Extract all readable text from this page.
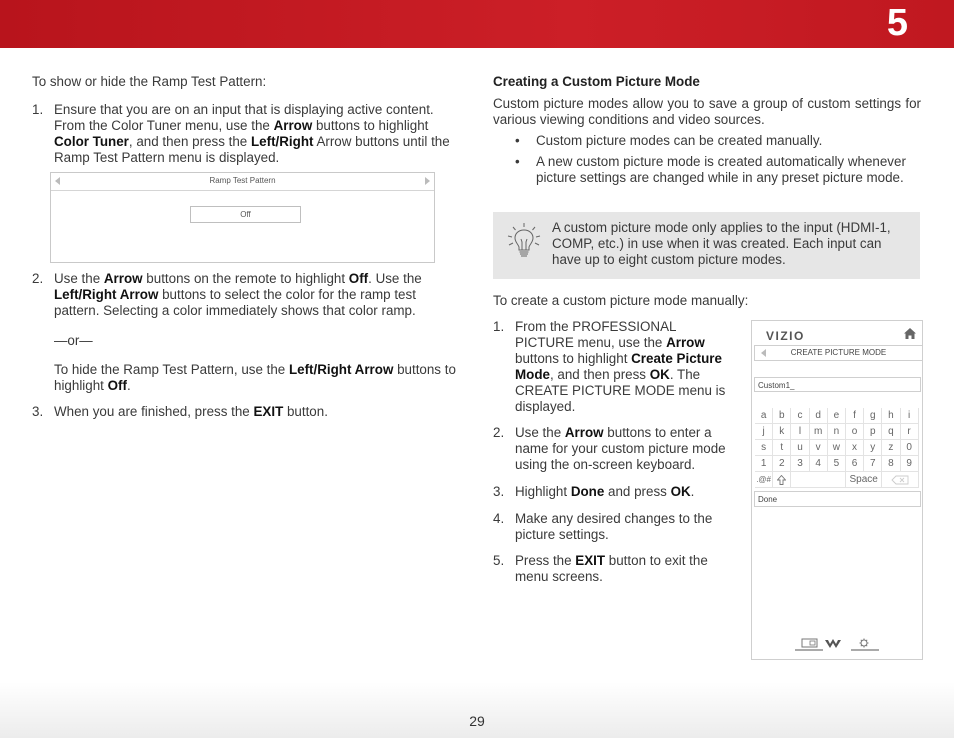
5

To show or hide the Ramp Test Pattern:

1. Ensure that you are on an input that is displaying active content. From the Color Tuner menu, use the Arrow buttons to highlight Color Tuner, and then press the Left/Right Arrow buttons until the Ramp Test Pattern menu is displayed.
Ramp Test Pattern
Off
2. Use the Arrow buttons on the remote to highlight Off. Use the Left/Right Arrow buttons to select the color for the ramp test pattern. Selecting a color immediately shows that color ramp.

—or—

To hide the Ramp Test Pattern, use the Left/Right Arrow buttons to highlight Off.

3. When you are finished, press the EXIT button.

Creating a Custom Picture Mode

Custom picture modes allow you to save a group of custom settings for various viewing conditions and video sources.

• Custom picture modes can be created manually.
• A new custom picture mode is created automatically whenever picture settings are changed while in any preset picture mode.
A custom picture mode only applies to the input (HDMI-1, COMP, etc.) in use when it was created. Each input can have up to eight custom picture modes.

To create a custom picture mode manually:

1. From the PROFESSIONAL PICTURE menu, use the Arrow buttons to highlight Create Picture Mode, and then press OK. The CREATE PICTURE MODE menu is displayed.
2. Use the Arrow buttons to enter a name for your custom picture mode using the on-screen keyboard.
3. Highlight Done and press OK.
4. Make any desired changes to the picture settings.
5. Press the EXIT button to exit the menu screens.
VIZIO
CREATE PICTURE MODE
Custom1_
a	b	c	d	e	f	g	h	i
j	k	l	m	n	o	p	q	r
s	t	u	v	w	x	y	z	0
1	2	3	4	5	6	7	8	9
.@#	Space
Done
29
